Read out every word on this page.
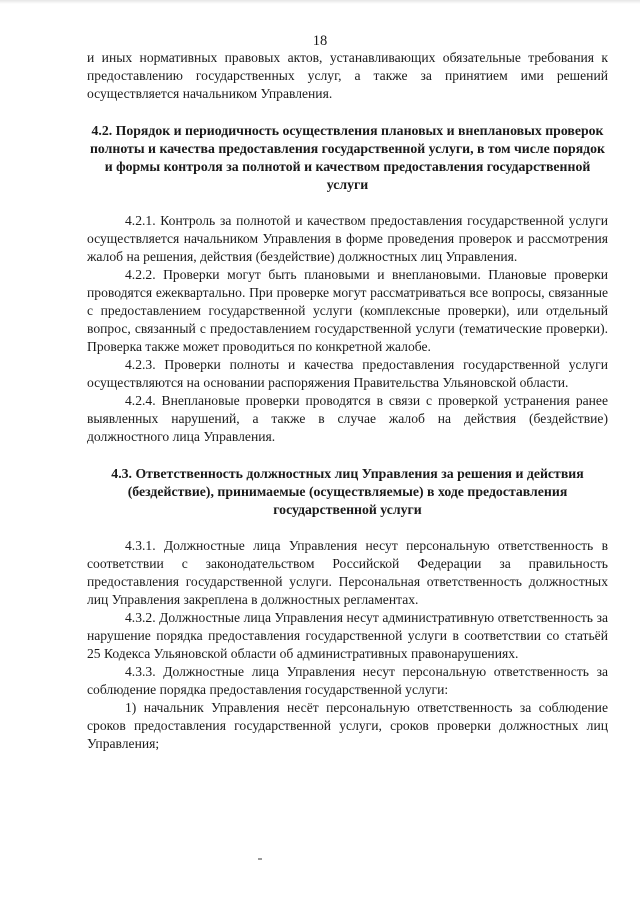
18

и иных нормативных правовых актов, устанавливающих обязательные требования к предоставлению государственных услуг, а также за принятием ими решений осуществляется начальником Управления.

4.2. Порядок и периодичность осуществления плановых и внеплановых проверок полноты и качества предоставления государственной услуги, в том числе порядок и формы контроля за полнотой и качеством предоставления государственной услуги

4.2.1. Контроль за полнотой и качеством предоставления государственной услуги осуществляется начальником Управления в форме проведения проверок и рассмотрения жалоб на решения, действия (бездействие) должностных лиц Управления.

4.2.2. Проверки могут быть плановыми и внеплановыми. Плановые проверки проводятся ежеквартально. При проверке могут рассматриваться все вопросы, связанные с предоставлением государственной услуги (комплексные проверки), или отдельный вопрос, связанный с предоставлением государственной услуги (тематические проверки). Проверка также может проводиться по конкретной жалобе.

4.2.3. Проверки полноты и качества предоставления государственной услуги осуществляются на основании распоряжения Правительства Ульяновской области.

4.2.4. Внеплановые проверки проводятся в связи с проверкой устранения ранее выявленных нарушений, а также в случае жалоб на действия (бездействие) должностного лица Управления.

4.3. Ответственность должностных лиц Управления за решения и действия (бездействие), принимаемые (осуществляемые) в ходе предоставления государственной услуги

4.3.1. Должностные лица Управления несут персональную ответственность в соответствии с законодательством Российской Федерации за правильность предоставления государственной услуги. Персональная ответственность должностных лиц Управления закреплена в должностных регламентах.

4.3.2. Должностные лица Управления несут административную ответственность за нарушение порядка предоставления государственной услуги в соответствии со статьёй 25 Кодекса Ульяновской области об административных правонарушениях.

4.3.3. Должностные лица Управления несут персональную ответственность за соблюдение порядка предоставления государственной услуги:

1) начальник Управления несёт персональную ответственность за соблюдение сроков предоставления государственной услуги, сроков проверки должностных лиц Управления;
